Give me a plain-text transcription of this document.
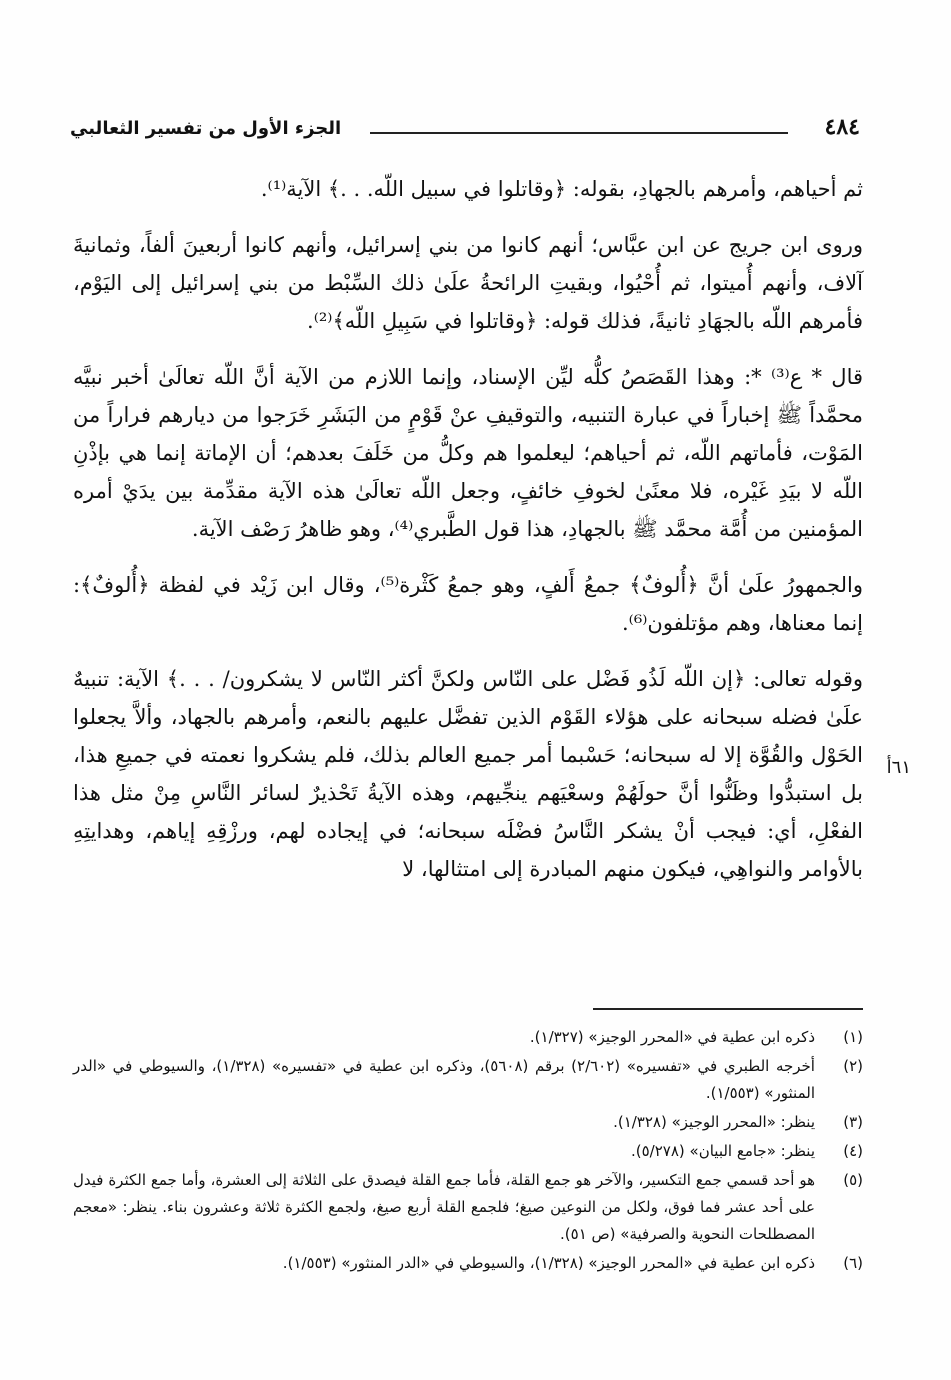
٤٨٤
الجزء الأول من تفسير الثعالبي
٦١أ

ثم أحياهم، وأمرهم بالجهادِ، بقوله: ﴿وقاتلوا في سبيل اللّه. . .﴾ الآية⁽¹⁾.

وروى ابن جريج عن ابن عبَّاس؛ أنهم كانوا من بني إسرائيل، وأنهم كانوا أربعينَ ألفاً، وثمانيةَ آلاف، وأنهم أُميتوا، ثم أُحْيُوا، وبقيتِ الرائحةُ علَىٰ ذلك السِّبْط من بني إسرائيل إلى اليَوْم، فأمرهم اللّه بالجهَادِ ثانيةً، فذلك قوله: ﴿وقاتلوا في سَبِيلِ اللّه﴾⁽²⁾.

قال * ع⁽³⁾ *: وهذا القَصَصُ كلُّه ليِّن الإسناد، وإنما اللازم من الآية أنَّ اللّه تعالَىٰ أخبر نبيَّه محمَّداً ﷺ إخباراً في عبارة التنبيه، والتوقيفِ عنْ قَوْمٍ من البَشَرِ خَرَجوا من ديارهم فراراً من المَوْت، فأماتهم اللّه، ثم أحياهم؛ ليعلموا هم وكلُّ من خَلَفَ بعدهم؛ أن الإماتة إنما هي بإذْنِ اللّه لا بيَدِ غَيْره، فلا معنًىٰ لخوفِ خائفٍ، وجعل اللّه تعالَىٰ هذه الآية مقدِّمة بين يدَيْ أمره المؤمنين من أُمَّة محمَّد ﷺ بالجهادِ، هذا قول الطَّبري⁽⁴⁾، وهو ظاهرُ رَصْف الآية.

والجمهورُ علَىٰ أنَّ ﴿أُلوفٌ﴾ جمعُ أَلفٍ، وهو جمعُ كَثْرة⁽⁵⁾، وقال ابن زَيْد في لفظة ﴿أُلوفٌ﴾: إنما معناها، وهم مؤتلفون⁽⁶⁾.

وقوله تعالى: ﴿إن اللّه لَذُو فَضْل على النّاس ولكنَّ أكثر النّاس لا يشكرون/ . . .﴾ الآية: تنبيهٌ علَىٰ فضله سبحانه على هؤلاء القَوْم الذين تفضَّل عليهم بالنعم، وأمرهم بالجهاد، وألاَّ يجعلوا الحَوْل والقُوَّة إلا له سبحانه؛ حَسْبما أمر جميع العالم بذلك، فلم يشكروا نعمته في جميعِ هذا، بل استبدُّوا وظَنُّوا أنَّ حولَهُمْ وسعْيَهم ينجِّيهم، وهذه الآيةُ تَحْذيرٌ لسائر النَّاسِ مِنْ مثل هذا الفعْلِ، أي: فيجب أنْ يشكر النَّاسُ فضْلَه سبحانه؛ في إيجاده لهم، ورزْقِهِ إياهم، وهدايتِهِ بالأوامر والنواهِي، فيكون منهم المبادرة إلى امتثالها، لا

(١)
ذكره ابن عطية في «المحرر الوجيز» (١/٣٢٧).
(٢)
أخرجه الطبري في «تفسيره» (٢/٦٠٢) برقم (٥٦٠٨)، وذكره ابن عطية في «تفسيره» (١/٣٢٨)، والسيوطي في «الدر المنثور» (١/٥٥٣).
(٣)
ينظر: «المحرر الوجيز» (١/٣٢٨).
(٤)
ينظر: «جامع البيان» (٥/٢٧٨).
(٥)
هو أحد قسمي جمع التكسير، والآخر هو جمع القلة، فأما جمع القلة فيصدق على الثلاثة إلى العشرة، وأما جمع الكثرة فيدل على أحد عشر فما فوق، ولكل من النوعين صيغ؛ فلجمع القلة أربع صيغ، ولجمع الكثرة ثلاثة وعشرون بناء. ينظر: «معجم المصطلحات النحوية والصرفية» (ص ٥١).
(٦)
ذكره ابن عطية في «المحرر الوجيز» (١/٣٢٨)، والسيوطي في «الدر المنثور» (١/٥٥٣).
